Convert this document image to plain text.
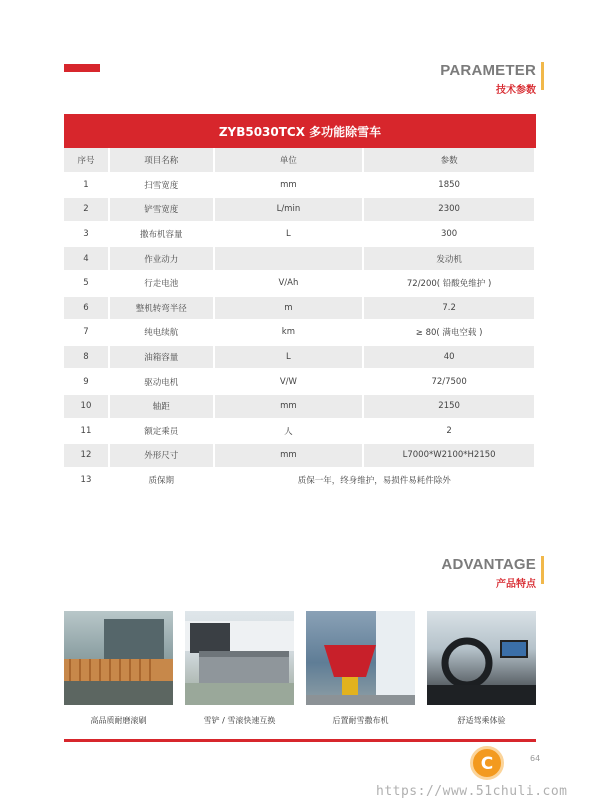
PARAMETER
技术参数
ZYB5030TCX 多功能除雪车
序号	项目名称	单位	参数
1	扫雪宽度	mm	1850
2	铲雪宽度	L/min	2300
3	撒布机容量	L	300
4	作业动力		发动机
5	行走电池	V/Ah	72/200( 铅酸免维护 )
6	整机转弯半径	m	7.2
7	纯电续航	km	≥ 80( 满电空载 )
8	油箱容量	L	40
9	驱动电机	V/W	72/7500
10	轴距	mm	2150
11	额定乘员	人	2
12	外形尺寸	mm	L7000*W2100*H2150
13	质保期	质保一年，终身维护，易损件易耗件除外	
ADVANTAGE
产品特点
高品质耐磨滚刷	雪铲 / 雪滚快速互换	后置耐雪撒布机	舒适驾乘体验
C	64
https://www.51chuli.com
